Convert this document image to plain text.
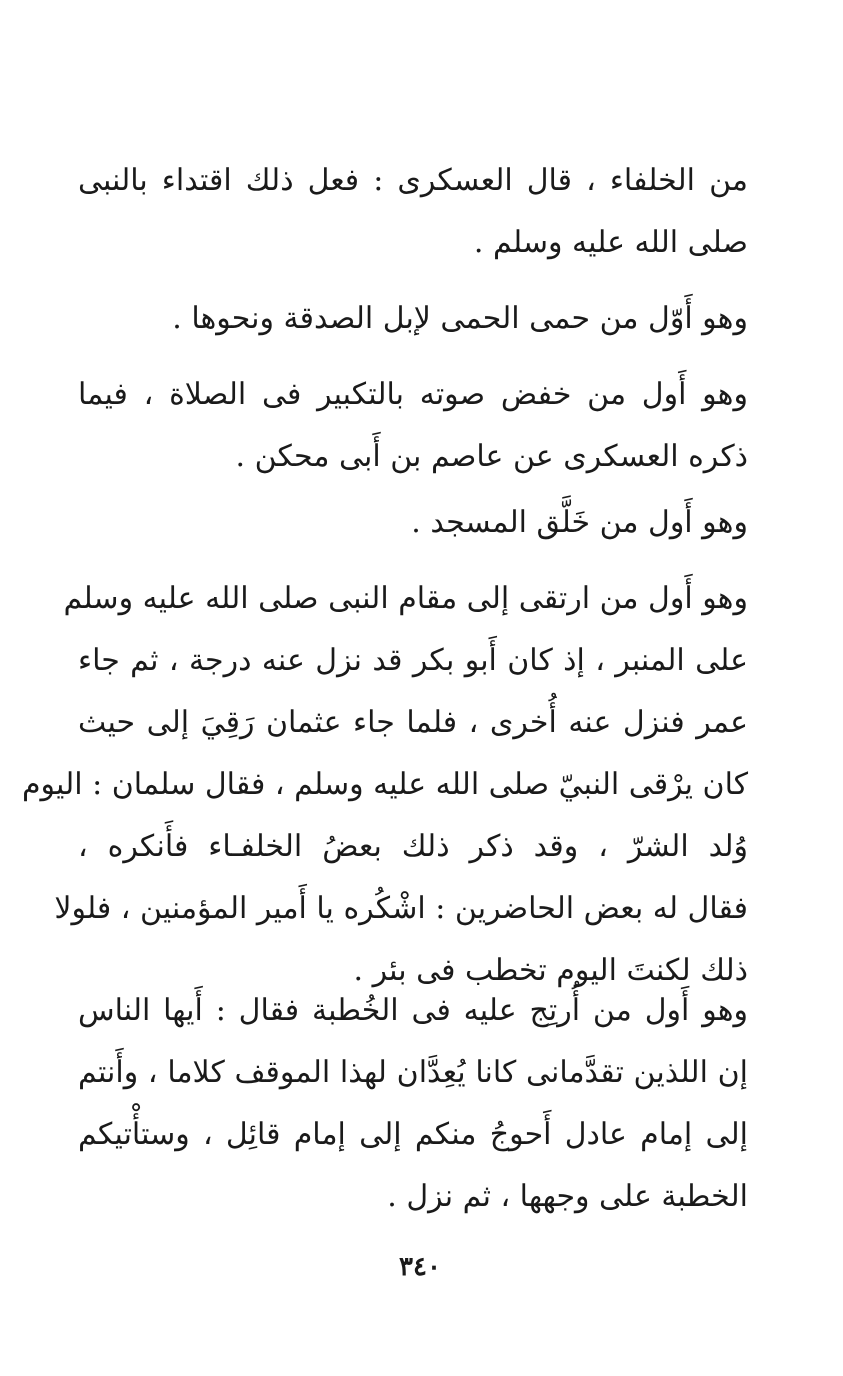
من الخلفاء ، قال العسكرى : فعل ذلك اقتداء بالنبى
صلى الله عليه وسلم .
وهو أَوّل من حمى الحمى لإبل الصدقة ونحوها .
وهو أَول من خفض صوته بالتكبير فى الصلاة ، فيما
ذكره العسكرى عن عاصم بن أَبى محكن .
وهو أَول من خَلَّق المسجد .
وهو أَول من ارتقى إلى مقام النبى صلى الله عليه وسلم
على المنبر ، إذ كان أَبو بكر قد نزل عنه درجة ، ثم جاء
عمر فنزل عنه أُخرى ، فلما جاء عثمان رَقِيَ إلى حيث
كان يرْقى النبيّ صلى الله عليه وسلم ، فقال سلمان : اليوم
وُلد الشرّ ، وقد ذكر ذلك بعضُ الخلفـاء فأَنكره ،
فقال له بعض الحاضرين : اشْكُره يا أَمير المؤمنين ، فلولا
ذلك لكنتَ اليوم تخطب فى بئر .
وهو أَول من أُرتِج عليه فى الخُطبة فقال : أَيها الناس
إن اللذين تقدَّمانى كانا يُعِدَّان لهذا الموقف كلاما ، وأَنتم
إلى إمام عادل أَحوجُ منكم إلى إمام قائِل ، وستأْتيكم
الخطبة على وجهها ، ثم نزل .
٣٤٠
